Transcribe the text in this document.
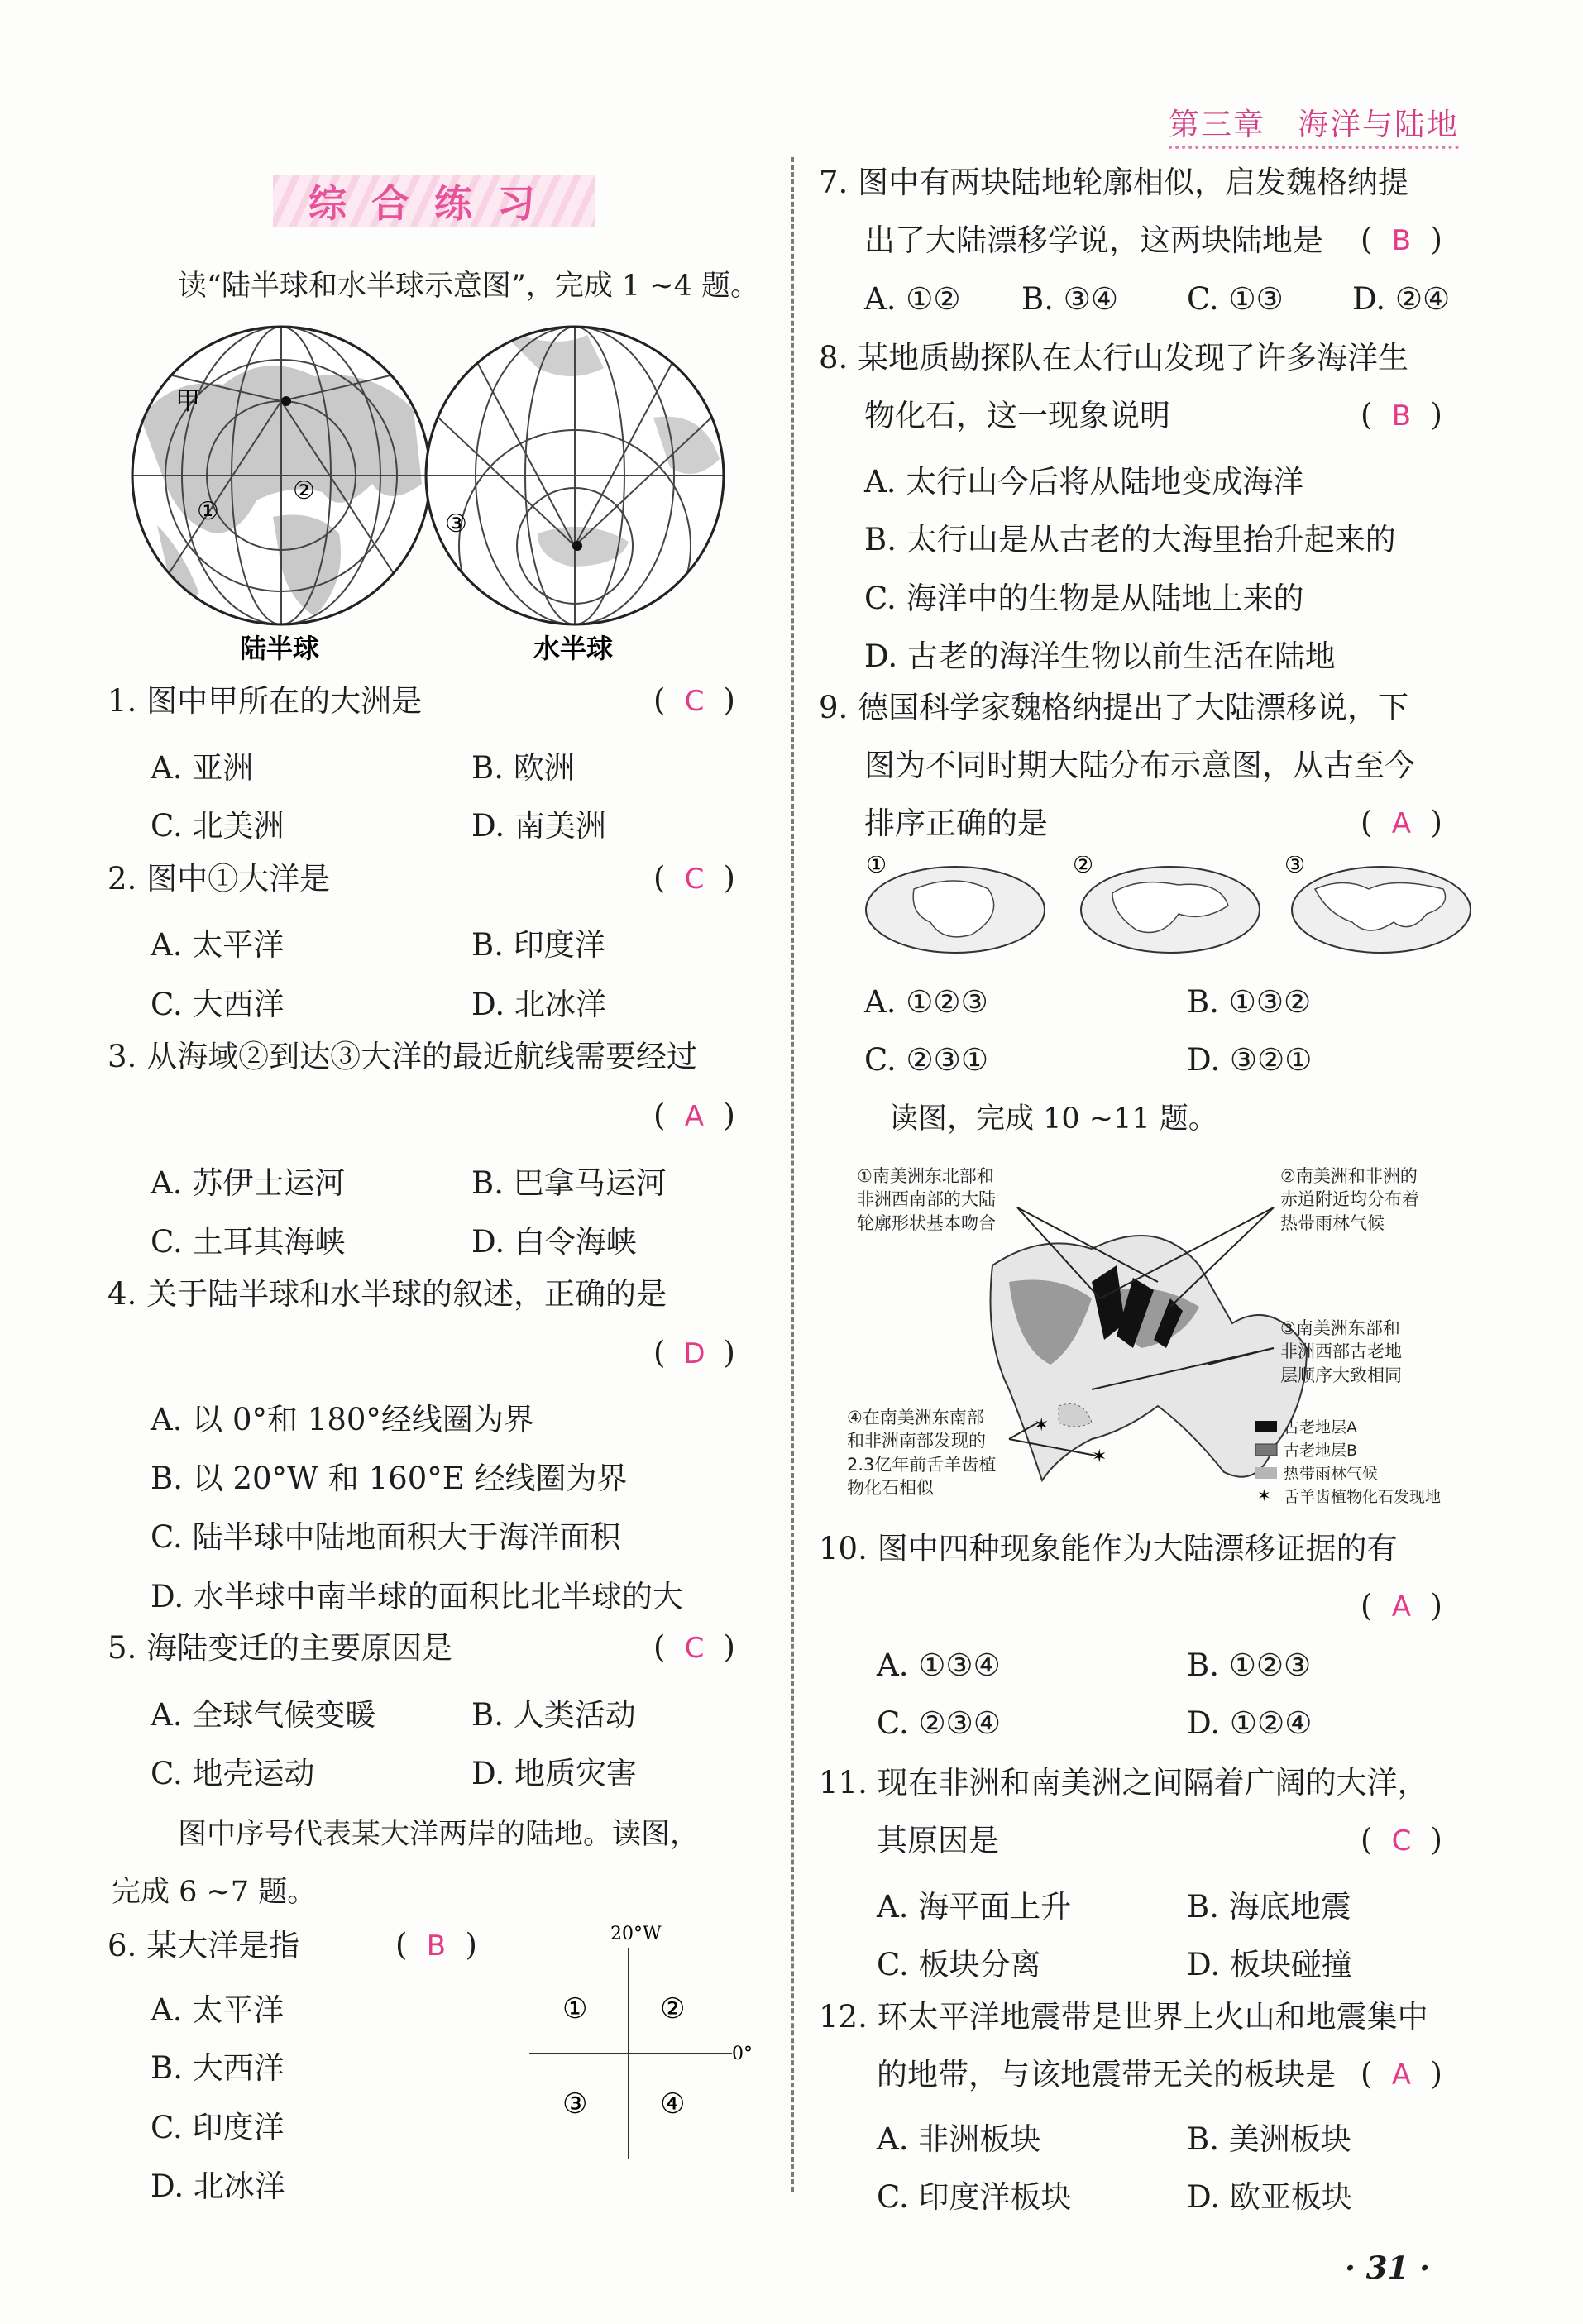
第三章　海洋与陆地
综合练习
读“陆半球和水半球示意图”，完成 1 ~4 题。
甲
①
②
③
陆半球	水半球
1. 图中甲所在的大洲是	( C )
A. 亚洲	B. 欧洲
C. 北美洲	D. 南美洲
2. 图中①大洋是	( C )
A. 太平洋	B. 印度洋
C. 大西洋	D. 北冰洋
3. 从海域②到达③大洋的最近航线需要经过
( A )
A. 苏伊士运河	B. 巴拿马运河
C. 土耳其海峡	D. 白令海峡
4. 关于陆半球和水半球的叙述，正确的是
( D )
A. 以 0°和 180°经线圈为界
B. 以 20°W 和 160°E 经线圈为界
C. 陆半球中陆地面积大于海洋面积
D. 水半球中南半球的面积比北半球的大
5. 海陆变迁的主要原因是	( C )
A. 全球气候变暖	B. 人类活动
C. 地壳运动	D. 地质灾害
图中序号代表某大洋两岸的陆地。读图，
完成 6 ~7 题。
6. 某大洋是指	( B )
A. 太平洋
B. 大西洋
C. 印度洋
D. 北冰洋
20°W
0°
①	②
③	④
7. 图中有两块陆地轮廓相似，启发魏格纳提
出了大陆漂移学说，这两块陆地是 ( B )
A. ①② B. ③④ C. ①③ D. ②④
8. 某地质勘探队在太行山发现了许多海洋生
物化石，这一现象说明	( B )
A. 太行山今后将从陆地变成海洋
B. 太行山是从古老的大海里抬升起来的
C. 海洋中的生物是从陆地上来的
D. 古老的海洋生物以前生活在陆地
9. 德国科学家魏格纳提出了大陆漂移说，下
图为不同时期大陆分布示意图，从古至今
排序正确的是	( A )
①	②	③
A. ①②③	B. ①③②
C. ②③①	D. ③②①
读图，完成 10 ~11 题。
✶
✶
✶
①南美洲东北部和
非洲西南部的大陆
轮廓形状基本吻合
②南美洲和非洲的
赤道附近均分布着
热带雨林气候
③南美洲东部和
非洲西部古老地
层顺序大致相同
④在南美洲东南部
和非洲南部发现的
2.3亿年前舌羊齿植
物化石相似
古老地层A
古老地层B
热带雨林气候
舌羊齿植物化石发现地
10. 图中四种现象能作为大陆漂移证据的有
( A )
A. ①③④	B. ①②③
C. ②③④	D. ①②④
11. 现在非洲和南美洲之间隔着广阔的大洋，
其原因是	( C )
A. 海平面上升	B. 海底地震
C. 板块分离	D. 板块碰撞
12. 环太平洋地震带是世界上火山和地震集中
的地带，与该地震带无关的板块是 ( A )
A. 非洲板块	B. 美洲板块
C. 印度洋板块	D. 欧亚板块
· 31 ·
